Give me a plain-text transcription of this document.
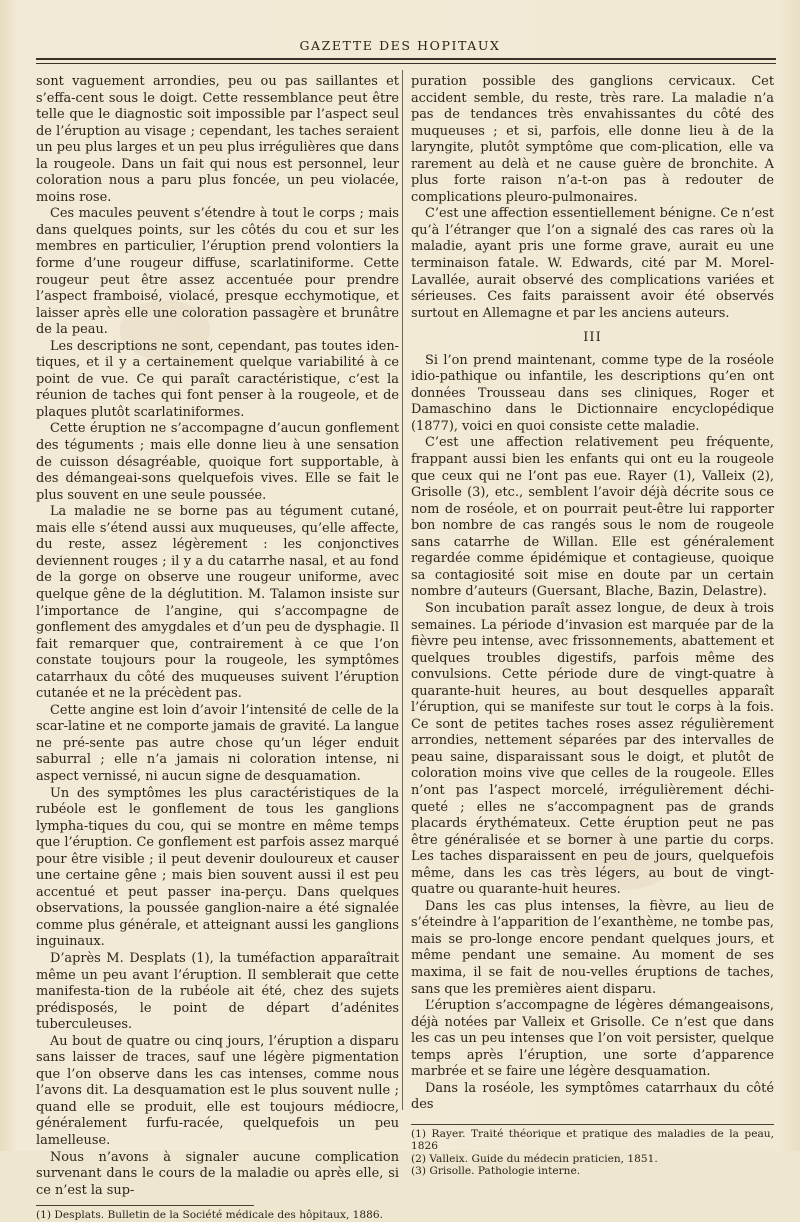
GAZETTE DES HOPITAUX

sont vaguement arrondies, peu ou pas saillantes et s’effa-cent sous le doigt. Cette ressemblance peut être telle que le diagnostic soit impossible par l’aspect seul de l’éruption au visage ; cependant, les taches seraient un peu plus larges et un peu plus irrégulières que dans la rougeole. Dans un fait qui nous est personnel, leur coloration nous a paru plus foncée, un peu violacée, moins rose.

Ces macules peuvent s’étendre à tout le corps ; mais dans quelques points, sur les côtés du cou et sur les membres en particulier, l’éruption prend volontiers la forme d’une rougeur diffuse, scarlatiniforme. Cette rougeur peut être assez accentuée pour prendre l’aspect framboisé, violacé, presque ecchymotique, et laisser après elle une coloration passagère et brunâtre de la peau.

Les descriptions ne sont, cependant, pas toutes iden-tiques, et il y a certainement quelque variabilité à ce point de vue. Ce qui paraît caractéristique, c’est la réunion de taches qui font penser à la rougeole, et de plaques plutôt scarlatiniformes.

Cette éruption ne s’accompagne d’aucun gonflement des téguments ; mais elle donne lieu à une sensation de cuisson désagréable, quoique fort supportable, à des démangeai-sons quelquefois vives. Elle se fait le plus souvent en une seule poussée.

La maladie ne se borne pas au tégument cutané, mais elle s’étend aussi aux muqueuses, qu’elle affecte, du reste, assez légèrement : les conjonctives deviennent rouges ; il y a du catarrhe nasal, et au fond de la gorge on observe une rougeur uniforme, avec quelque gêne de la déglutition. M. Talamon insiste sur l’importance de l’angine, qui s’accompagne de gonflement des amygdales et d’un peu de dysphagie. Il fait remarquer que, contrairement à ce que l’on constate toujours pour la rougeole, les symptômes catarrhaux du côté des muqueuses suivent l’éruption cutanée et ne la précèdent pas.

Cette angine est loin d’avoir l’intensité de celle de la scar-latine et ne comporte jamais de gravité. La langue ne pré-sente pas autre chose qu’un léger enduit saburral ; elle n’a jamais ni coloration intense, ni aspect vernissé, ni aucun signe de desquamation.

Un des symptômes les plus caractéristiques de la rubéole est le gonflement de tous les ganglions lympha-tiques du cou, qui se montre en même temps que l’éruption. Ce gonflement est parfois assez marqué pour être visible ; il peut devenir douloureux et causer une certaine gêne ; mais bien souvent aussi il est peu accentué et peut passer ina-perçu. Dans quelques observations, la poussée ganglion-naire a été signalée comme plus générale, et atteignant aussi les ganglions inguinaux.

D’après M. Desplats (1), la tuméfaction apparaîtrait même un peu avant l’éruption. Il semblerait que cette manifesta-tion de la rubéole ait été, chez des sujets prédisposés, le point de départ d’adénites tuberculeuses.

Au bout de quatre ou cinq jours, l’éruption a disparu sans laisser de traces, sauf une légère pigmentation que l’on observe dans les cas intenses, comme nous l’avons dit. La desquamation est le plus souvent nulle ; quand elle se produit, elle est toujours médiocre, généralement furfu-racée, quelquefois un peu lamelleuse.

Nous n’avons à signaler aucune complication survenant dans le cours de la maladie ou après elle, si ce n’est la sup-

(1) Desplats. Bulletin de la Société médicale des hôpitaux, 1886.

puration possible des ganglions cervicaux. Cet accident semble, du reste, très rare. La maladie n’a pas de tendances très envahissantes du côté des muqueuses ; et si, parfois, elle donne lieu à de la laryngite, plutôt symptôme que com-plication, elle va rarement au delà et ne cause guère de bronchite. A plus forte raison n’a-t-on pas à redouter de complications pleuro-pulmonaires.

C’est une affection essentiellement bénigne. Ce n’est qu’à l’étranger que l’on a signalé des cas rares où la maladie, ayant pris une forme grave, aurait eu une terminaison fatale. W. Edwards, cité par M. Morel-Lavallée, aurait observé des complications variées et sérieuses. Ces faits paraissent avoir été observés surtout en Allemagne et par les anciens auteurs.

III

Si l’on prend maintenant, comme type de la roséole idio-pathique ou infantile, les descriptions qu’en ont données Trousseau dans ses cliniques, Roger et Damaschino dans le Dictionnaire encyclopédique (1877), voici en quoi consiste cette maladie.

C’est une affection relativement peu fréquente, frappant aussi bien les enfants qui ont eu la rougeole que ceux qui ne l’ont pas eue. Rayer (1), Valleix (2), Grisolle (3), etc., semblent l’avoir déjà décrite sous ce nom de roséole, et on pourrait peut-être lui rapporter bon nombre de cas rangés sous le nom de rougeole sans catarrhe de Willan. Elle est généralement regardée comme épidémique et contagieuse, quoique sa contagiosité soit mise en doute par un certain nombre d’auteurs (Guersant, Blache, Bazin, Delastre).

Son incubation paraît assez longue, de deux à trois semaines. La période d’invasion est marquée par de la fièvre peu intense, avec frissonnements, abattement et quelques troubles digestifs, parfois même des convulsions. Cette période dure de vingt-quatre à quarante-huit heures, au bout desquelles apparaît l’éruption, qui se manifeste sur tout le corps à la fois. Ce sont de petites taches roses assez régulièrement arrondies, nettement séparées par des intervalles de peau saine, disparaissant sous le doigt, et plutôt de coloration moins vive que celles de la rougeole. Elles n’ont pas l’aspect morcelé, irrégulièrement déchi-queté ; elles ne s’accompagnent pas de grands placards érythémateux. Cette éruption peut ne pas être généralisée et se borner à une partie du corps. Les taches disparaissent en peu de jours, quelquefois même, dans les cas très légers, au bout de vingt-quatre ou quarante-huit heures.

Dans les cas plus intenses, la fièvre, au lieu de s’éteindre à l’apparition de l’exanthème, ne tombe pas, mais se pro-longe encore pendant quelques jours, et même pendant une semaine. Au moment de ses maxima, il se fait de nou-velles éruptions de taches, sans que les premières aient disparu.

L’éruption s’accompagne de légères démangeaisons, déjà notées par Valleix et Grisolle. Ce n’est que dans les cas un peu intenses que l’on voit persister, quelque temps après l’éruption, une sorte d’apparence marbrée et se faire une légère desquamation.

Dans la roséole, les symptômes catarrhaux du côté des

(1) Rayer. Traité théorique et pratique des maladies de la peau, 1826

(2) Valleix. Guide du médecin praticien, 1851.

(3) Grisolle. Pathologie interne.
